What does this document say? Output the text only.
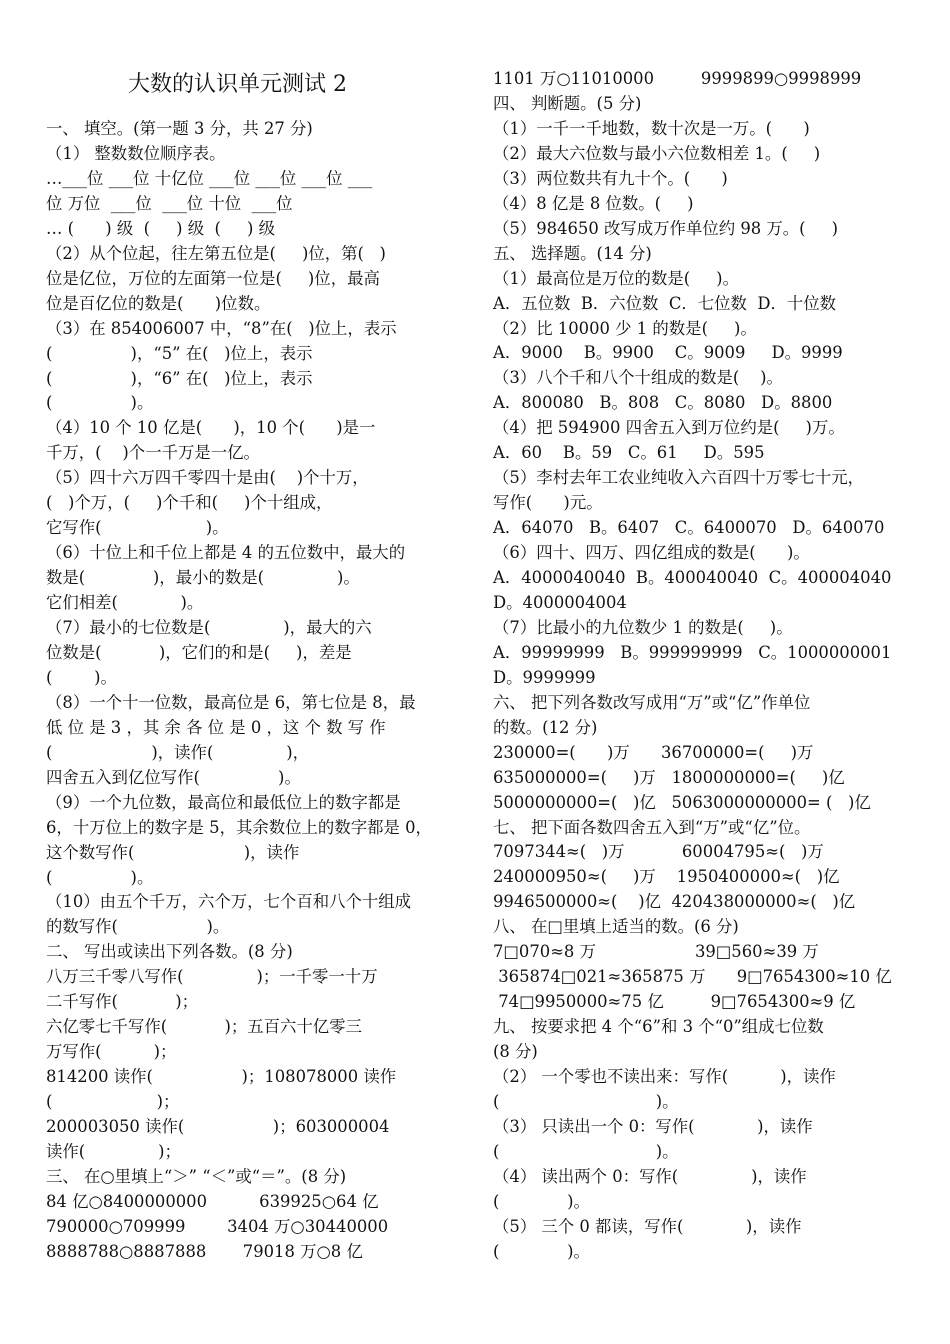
大数的认识单元测试 2
一、 填空。(第一题 3 分，共 27 分)
（1） 整数数位顺序表。
…___位 ___位 十亿位 ___位 ___位 ___位 ___
位 万位  ___位  ___位 十位  ___位
… (      ) 级  (     ) 级  (     ) 级
（2）从个位起，往左第五位是(     )位，第(   )
位是亿位，万位的左面第一位是(     )位，最高
位是百亿位的数是(      )位数。
（3）在 854006007 中，“8”在(   )位上，表示
(               )，“5” 在(   )位上，表示
(               )，“6” 在(   )位上，表示
(               )。
（4）10 个 10 亿是(      )，10 个(      )是一
千万，(    )个一千万是一亿。
（5）四十六万四千零四十是由(    )个十万，
(   )个万，(     )个千和(     )个十组成，
它写作(                    )。
（6）十位上和千位上都是 4 的五位数中，最大的
数是(             )，最小的数是(              )。
它们相差(            )。
（7）最小的七位数是(              )，最大的六
位数是(           )，它们的和是(     )，差是
(        )。
（8）一个十一位数，最高位是 6，第七位是 8，最
低 位 是 3 ，其 余 各 位 是 0 ，这 个 数 写 作
(                   )，读作(              )，
四舍五入到亿位写作(               )。
（9）一个九位数，最高位和最低位上的数字都是
6，十万位上的数字是 5，其余数位上的数字都是 0，
这个数写作(                     )，读作
(               )。
（10）由五个千万，六个万，七个百和八个十组成
的数写作(                 )。
二、 写出或读出下列各数。(8 分)
八万三千零八写作(              )；一千零一十万
二千写作(           )；
六亿零七千写作(           )；五百六十亿零三
万写作(          )；
814200 读作(                 )；108078000 读作
(                    )；
200003050 读作(                 )；603000004
读作(              )；
三、 在○里填上“＞” “＜”或“＝”。(8 分)
84 亿○8400000000          639925○64 亿
790000○709999        3404 万○30440000
8888788○8887888       79018 万○8 亿
1101 万○11010000         9999899○9998999
四、 判断题。(5 分)
（1）一千一千地数，数十次是一万。(      )
（2）最大六位数与最小六位数相差 1。(     )
（3）两位数共有九十个。(      )
（4）8 亿是 8 位数。(     )
（5）984650 改写成万作单位约 98 万。(     )
五、 选择题。(14 分)
（1）最高位是万位的数是(     )。
A．五位数  B．六位数  C．七位数  D．十位数
（2）比 10000 少 1 的数是(     )。
A．9000    B。9900    C。9009     D。9999
（3）八个千和八个十组成的数是(    )。
A．800080   B。808   C。8080   D。8800
（4）把 594900 四舍五入到万位约是(     )万。
A．60    B。59   C。61     D。595
（5）李村去年工农业纯收入六百四十万零七十元，
写作(      )元。
A．64070   B。6407   C。6400070   D。640070
（6）四十、四万、四亿组成的数是(      )。
A．4000040040  B。400040040  C。400004040
D。4000004004
（7）比最小的九位数少 1 的数是(     )。
A．99999999   B。999999999   C。1000000001
D。9999999
六、 把下列各数改写成用“万”或“亿”作单位
的数。(12 分)
230000=(      )万      36700000=(     )万
635000000=(     )万   1800000000=(     )亿
5000000000=(   )亿   5063000000000= (   )亿
七、 把下面各数四舍五入到“万”或“亿”位。
7097344≈(   )万           60004795≈(   )万
240000950≈(     )万    1950400000≈(   )亿
9946500000≈(    )亿  420438000000≈(   )亿
八、 在□里填上适当的数。(6 分)
7□070≈8 万                   39□560≈39 万
365874□021≈365875 万      9□7654300≈10 亿
74□9950000≈75 亿         9□7654300≈9 亿
九、 按要求把 4 个“6”和 3 个“0”组成七位数
(8 分)
（2） 一个零也不读出来：写作(          )，读作
(                              )。
（3） 只读出一个 0：写作(            )，读作
(                              )。
（4） 读出两个 0：写作(              )，读作
(             )。
（5） 三个 0 都读，写作(            )，读作
(             )。
